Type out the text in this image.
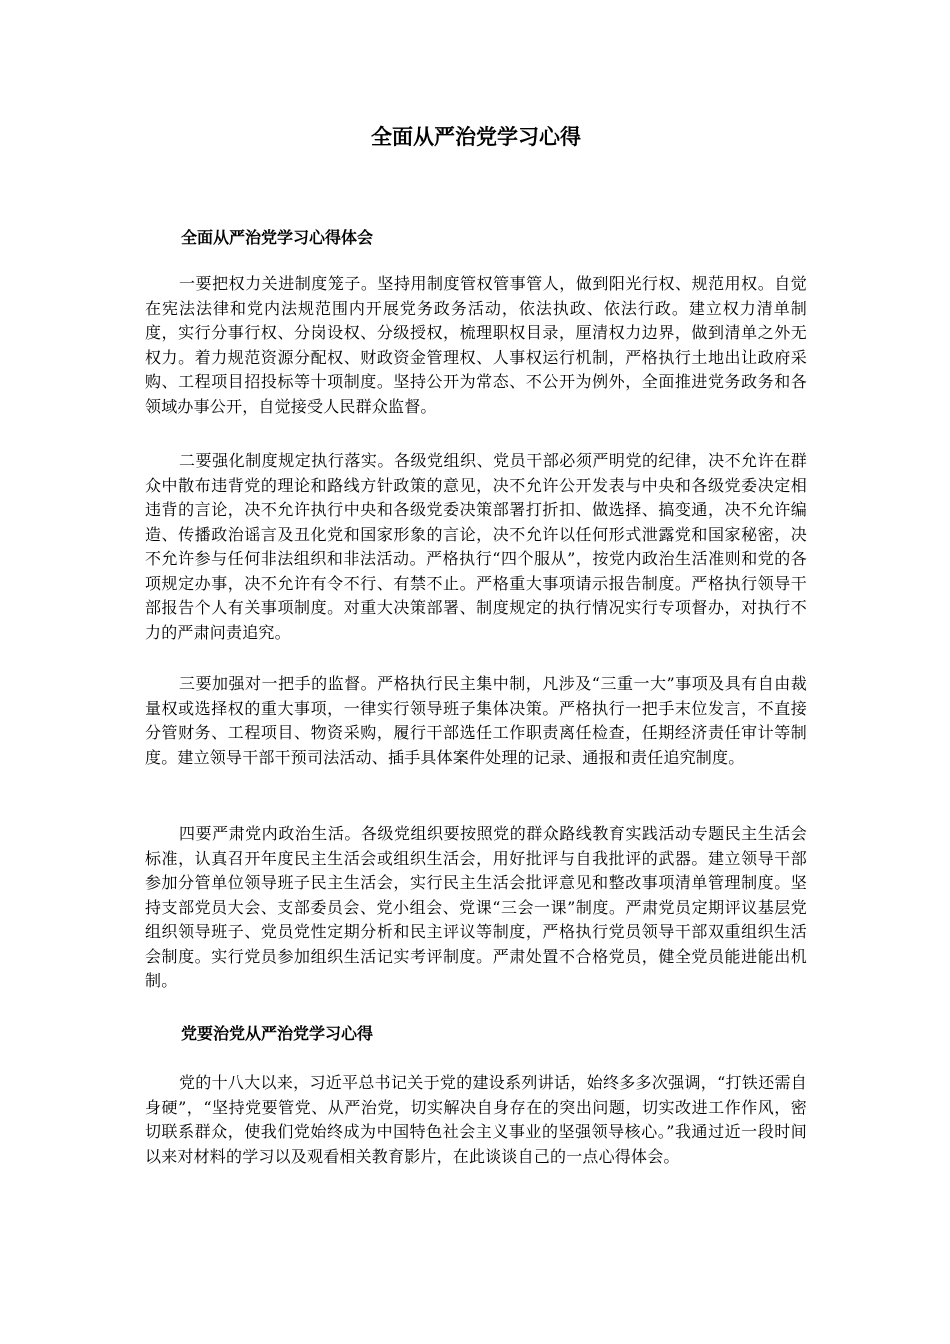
全面从严治党学习心得
全面从严治党学习心得体会
一要把权力关进制度笼子。坚持用制度管权管事管人，做到阳光行权、规范用权。自觉在宪法法律和党内法规范围内开展党务政务活动，依法执政、依法行政。建立权力清单制度，实行分事行权、分岗设权、分级授权，梳理职权目录，厘清权力边界，做到清单之外无权力。着力规范资源分配权、财政资金管理权、人事权运行机制，严格执行土地出让政府采购、工程项目招投标等十项制度。坚持公开为常态、不公开为例外，全面推进党务政务和各领域办事公开，自觉接受人民群众监督。
二要强化制度规定执行落实。各级党组织、党员干部必须严明党的纪律，决不允许在群众中散布违背党的理论和路线方针政策的意见，决不允许公开发表与中央和各级党委决定相违背的言论，决不允许执行中央和各级党委决策部署打折扣、做选择、搞变通，决不允许编造、传播政治谣言及丑化党和国家形象的言论，决不允许以任何形式泄露党和国家秘密，决不允许参与任何非法组织和非法活动。严格执行“四个服从”，按党内政治生活准则和党的各项规定办事，决不允许有令不行、有禁不止。严格重大事项请示报告制度。严格执行领导干部报告个人有关事项制度。对重大决策部署、制度规定的执行情况实行专项督办，对执行不力的严肃问责追究。
三要加强对一把手的监督。严格执行民主集中制，凡涉及“三重一大”事项及具有自由裁量权或选择权的重大事项，一律实行领导班子集体决策。严格执行一把手末位发言，不直接分管财务、工程项目、物资采购，履行干部选任工作职责离任检查，任期经济责任审计等制度。建立领导干部干预司法活动、插手具体案件处理的记录、通报和责任追究制度。
四要严肃党内政治生活。各级党组织要按照党的群众路线教育实践活动专题民主生活会标准，认真召开年度民主生活会或组织生活会，用好批评与自我批评的武器。建立领导干部参加分管单位领导班子民主生活会，实行民主生活会批评意见和整改事项清单管理制度。坚持支部党员大会、支部委员会、党小组会、党课“三会一课”制度。严肃党员定期评议基层党组织领导班子、党员党性定期分析和民主评议等制度，严格执行党员领导干部双重组织生活会制度。实行党员参加组织生活记实考评制度。严肃处置不合格党员，健全党员能进能出机制。
党要治党从严治党学习心得
党的十八大以来，习近平总书记关于党的建设系列讲话，始终多多次强调，“打铁还需自身硬”，“坚持党要管党、从严治党，切实解决自身存在的突出问题，切实改进工作作风，密切联系群众，使我们党始终成为中国特色社会主义事业的坚强领导核心。”我通过近一段时间以来对材料的学习以及观看相关教育影片，在此谈谈自己的一点心得体会。
